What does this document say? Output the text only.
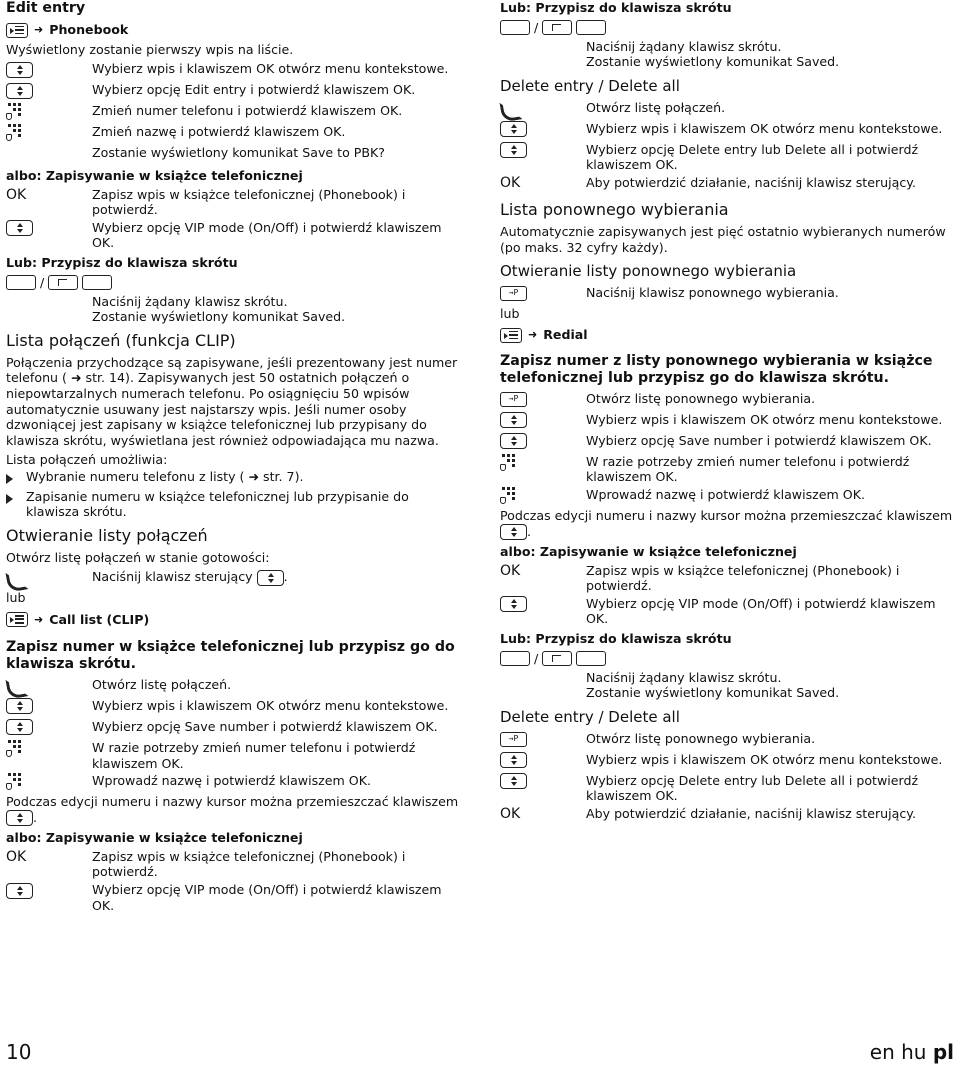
Edit entry
➜ Phonebook
Wyświetlony zostanie pierwszy wpis na liście.
Wybierz wpis i klawiszem OK otwórz menu kontekstowe.
Wybierz opcję Edit entry i potwierdź klawiszem OK.
Zmień numer telefonu i potwierdź klawiszem OK.
Zmień nazwę i potwierdź klawiszem OK.
Zostanie wyświetlony komunikat Save to PBK?
albo: Zapisywanie w książce telefonicznej
OK	Zapisz wpis w książce telefonicznej (Phonebook) i potwierdź.
Wybierz opcję VIP mode (On/Off) i potwierdź klawiszem OK.
Lub: Przypisz do klawisza skrótu
/
Naciśnij żądany klawisz skrótu.
Zostanie wyświetlony komunikat Saved.
Lista połączeń (funkcja CLIP)
Połączenia przychodzące są zapisywane, jeśli prezentowany jest numer telefonu ( ➜ str. 14). Zapisywanych jest 50 ostatnich połączeń o niepowtarzalnych numerach telefonu. Po osiągnięciu 50 wpisów automatycznie usuwany jest najstarszy wpis. Jeśli numer osoby dzwoniącej jest zapisany w książce telefonicznej lub przypisany do klawisza skrótu, wyświetlana jest również odpowiadająca mu nazwa.
Lista połączeń umożliwia:
Wybranie numeru telefonu z listy ( ➜ str. 7).
Zapisanie numeru w książce telefonicznej lub przypisanie do klawisza skrótu.
Otwieranie listy połączeń
Otwórz listę połączeń w stanie gotowości:
Naciśnij klawisz sterujący .
lub
➜ Call list (CLIP)
Zapisz numer w książce telefonicznej lub przypisz go do klawisza skrótu.
Otwórz listę połączeń.
Wybierz wpis i klawiszem OK otwórz menu kontekstowe.
Wybierz opcję Save number i potwierdź klawiszem OK.
W razie potrzeby zmień numer telefonu i potwierdź klawiszem OK.
Wprowadź nazwę i potwierdź klawiszem OK.
Podczas edycji numeru i nazwy kursor można przemieszczać klawiszem .
albo: Zapisywanie w książce telefonicznej
OK	Zapisz wpis w książce telefonicznej (Phonebook) i potwierdź.
Wybierz opcję VIP mode (On/Off) i potwierdź klawiszem OK.
Lub: Przypisz do klawisza skrótu
/
Naciśnij żądany klawisz skrótu.
Zostanie wyświetlony komunikat Saved.
Delete entry / Delete all
Otwórz listę połączeń.
Wybierz wpis i klawiszem OK otwórz menu kontekstowe.
Wybierz opcję Delete entry lub Delete all i potwierdź klawiszem OK.
OK	Aby potwierdzić działanie, naciśnij klawisz sterujący.
Lista ponownego wybierania
Automatycznie zapisywanych jest pięć ostatnio wybieranych numerów (po maks. 32 cyfry każdy).
Otwieranie listy ponownego wybierania
→P	Naciśnij klawisz ponownego wybierania.
lub
➜ Redial
Zapisz numer z listy ponownego wybierania w książce telefonicznej lub przypisz go do klawisza skrótu.
→P	Otwórz listę ponownego wybierania.
Wybierz wpis i klawiszem OK otwórz menu kontekstowe.
Wybierz opcję Save number i potwierdź klawiszem OK.
W razie potrzeby zmień numer telefonu i potwierdź klawiszem OK.
Wprowadź nazwę i potwierdź klawiszem OK.
Podczas edycji numeru i nazwy kursor można przemieszczać klawiszem .
albo: Zapisywanie w książce telefonicznej
OK	Zapisz wpis w książce telefonicznej (Phonebook) i potwierdź.
Wybierz opcję VIP mode (On/Off) i potwierdź klawiszem OK.
Lub: Przypisz do klawisza skrótu
/
Naciśnij żądany klawisz skrótu.
Zostanie wyświetlony komunikat Saved.
Delete entry / Delete all
→P	Otwórz listę ponownego wybierania.
Wybierz wpis i klawiszem OK otwórz menu kontekstowe.
Wybierz opcję Delete entry lub Delete all i potwierdź klawiszem OK.
OK	Aby potwierdzić działanie, naciśnij klawisz sterujący.
10	en hu pl
